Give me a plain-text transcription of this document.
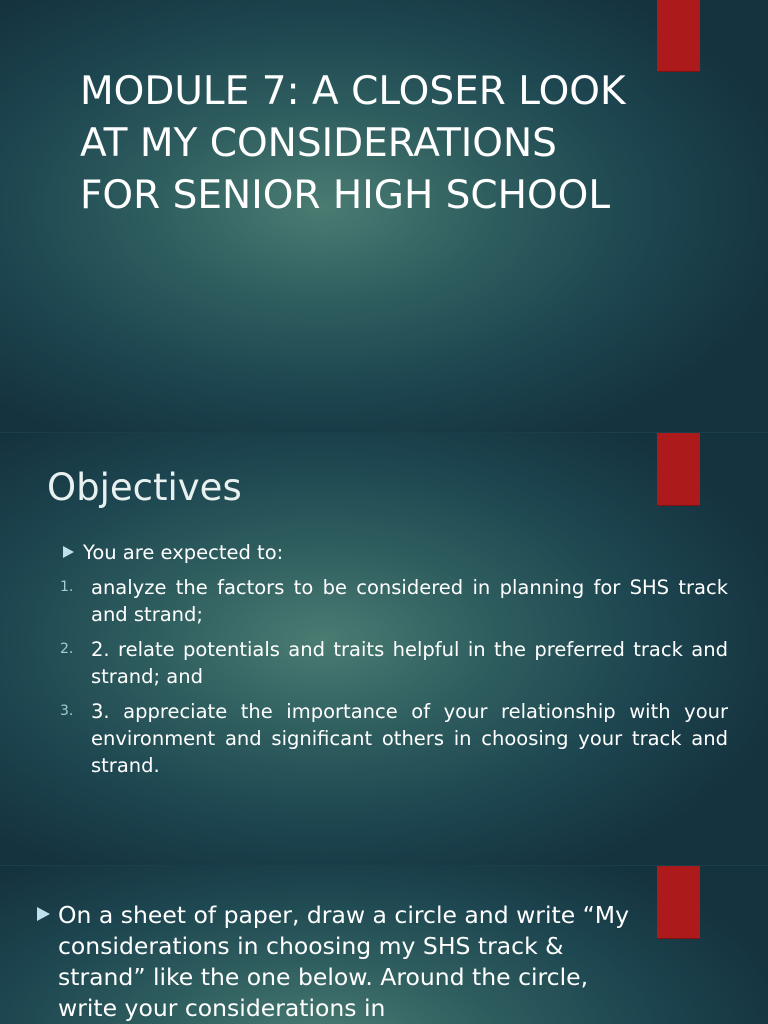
MODULE 7: A CLOSER LOOK AT MY CONSIDERATIONS FOR SENIOR HIGH SCHOOL
Objectives
You are expected to:
1. analyze the factors to be considered in planning for SHS track and strand;
2. 2. relate potentials and traits helpful in the preferred track and strand; and
3. 3. appreciate the importance of your relationship with your environment and significant others in choosing your track and strand.
On a sheet of paper, draw a circle and write “My considerations in choosing my SHS track & strand” like the one below. Around the circle, write your considerations in
